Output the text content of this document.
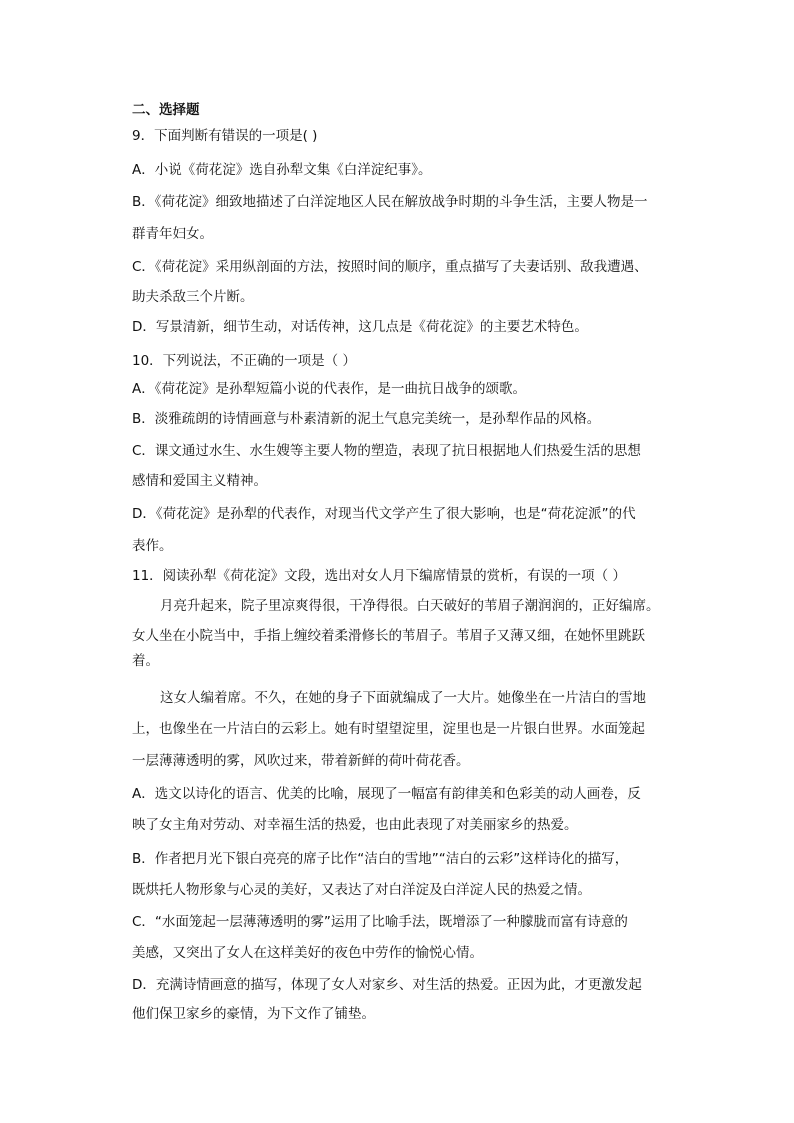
二、选择题
9．下面判断有错误的一项是( )
A．小说《荷花淀》选自孙犁文集《白洋淀纪事》。
B．《荷花淀》细致地描述了白洋淀地区人民在解放战争时期的斗争生活，主要人物是一
群青年妇女。
C．《荷花淀》采用纵剖面的方法，按照时间的顺序，重点描写了夫妻话别、敌我遭遇、
助夫杀敌三个片断。
D．写景清新，细节生动，对话传神，这几点是《荷花淀》的主要艺术特色。
10．下列说法，不正确的一项是（ ）
A．《荷花淀》是孙犁短篇小说的代表作，是一曲抗日战争的颂歌。
B．淡雅疏朗的诗情画意与朴素清新的泥土气息完美统一，是孙犁作品的风格。
C．课文通过水生、水生嫂等主要人物的塑造，表现了抗日根据地人们热爱生活的思想
感情和爱国主义精神。
D．《荷花淀》是孙犁的代表作，对现当代文学产生了很大影响，也是“荷花淀派”的代
表作。
11．阅读孙犁《荷花淀》文段，选出对女人月下编席情景的赏析，有误的一项（ ）
月亮升起来，院子里凉爽得很，干净得很。白天破好的苇眉子潮润润的，正好编席。
女人坐在小院当中，手指上缠绞着柔滑修长的苇眉子。苇眉子又薄又细，在她怀里跳跃
着。
这女人编着席。不久，在她的身子下面就编成了一大片。她像坐在一片洁白的雪地
上，也像坐在一片洁白的云彩上。她有时望望淀里，淀里也是一片银白世界。水面笼起
一层薄薄透明的雾，风吹过来，带着新鲜的荷叶荷花香。
A．选文以诗化的语言、优美的比喻，展现了一幅富有韵律美和色彩美的动人画卷，反
映了女主角对劳动、对幸福生活的热爱，也由此表现了对美丽家乡的热爱。
B．作者把月光下银白亮亮的席子比作“洁白的雪地”“洁白的云彩”这样诗化的描写，
既烘托人物形象与心灵的美好，又表达了对白洋淀及白洋淀人民的热爱之情。
C．“水面笼起一层薄薄透明的雾”运用了比喻手法，既增添了一种朦胧而富有诗意的
美感，又突出了女人在这样美好的夜色中劳作的愉悦心情。
D．充满诗情画意的描写，体现了女人对家乡、对生活的热爱。正因为此，才更激发起
他们保卫家乡的豪情，为下文作了铺垫。
